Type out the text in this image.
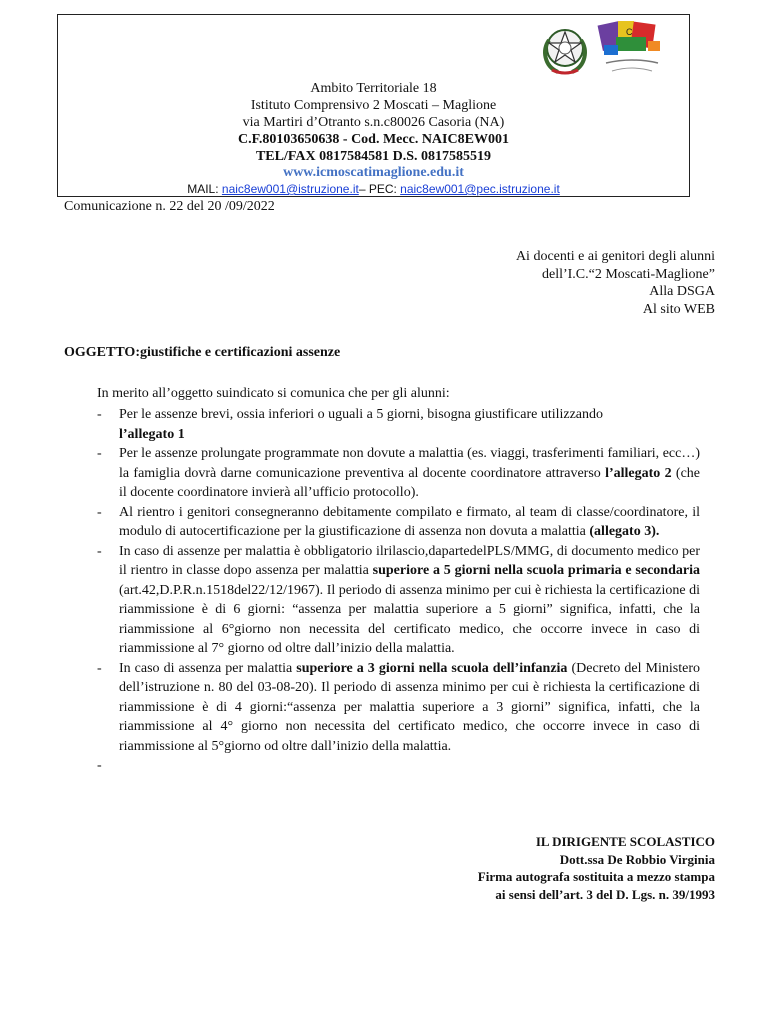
C
Ambito Territoriale 18
Istituto Comprensivo 2 Moscati – Maglione
via Martiri d’Otranto s.n.c80026 Casoria (NA)
C.F.80103650638 - Cod. Mecc. NAIC8EW001
TEL/FAX 0817584581 D.S. 0817585519
www.icmoscatimaglione.edu.it
MAIL: naic8ew001@istruzione.it– PEC: naic8ew001@pec.istruzione.it
Comunicazione n. 22 del 20 /09/2022
Ai docenti e ai genitori degli alunni
dell’I.C.“2 Moscati-Maglione”
Alla DSGA
Al sito WEB
OGGETTO:giustifiche e certificazioni assenze
In merito all’oggetto suindicato si comunica che per gli alunni:
- Per le assenze brevi, ossia inferiori o uguali a 5 giorni, bisogna giustificare utilizzando
l’allegato 1
- Per le assenze prolungate programmate non dovute a malattia (es. viaggi, trasferimenti familiari, ecc…) la famiglia dovrà darne comunicazione preventiva al docente coordinatore attraverso l’allegato 2 (che il docente coordinatore invierà all’ufficio protocollo).
- Al rientro i genitori consegneranno debitamente compilato e firmato, al team di classe/coordinatore, il modulo di autocertificazione per la giustificazione di assenza non dovuta a malattia (allegato 3).
- In caso di assenze per malattia è obbligatorio ilrilascio,dapartedelPLS/MMG, di documento medico per il rientro in classe dopo assenza per malattia superiore a 5 giorni nella scuola primaria e secondaria (art.42,D.P.R.n.1518del22/12/1967). Il periodo di assenza minimo per cui è richiesta la certificazione di riammissione è di 6 giorni: “assenza per malattia superiore a 5 giorni” significa, infatti, che la riammissione al 6°giorno non necessita del certificato medico, che occorre invece in caso di riammissione al 7° giorno od oltre dall’inizio della malattia.
- In caso di assenza per malattia superiore a 3 giorni nella scuola dell’infanzia (Decreto del Ministero dell’istruzione n. 80 del 03-08-20). Il periodo di assenza minimo per cui è richiesta la certificazione di riammissione è di 4 giorni:“assenza per malattia superiore a 3 giorni” significa, infatti, che la riammissione al 4° giorno non necessita del certificato medico, che occorre invece in caso di riammissione al 5°giorno od oltre dall’inizio della malattia.
-

IL DIRIGENTE SCOLASTICO
Dott.ssa De Robbio Virginia
Firma autografa sostituita a mezzo stampa
ai sensi dell’art. 3 del D. Lgs. n. 39/1993
